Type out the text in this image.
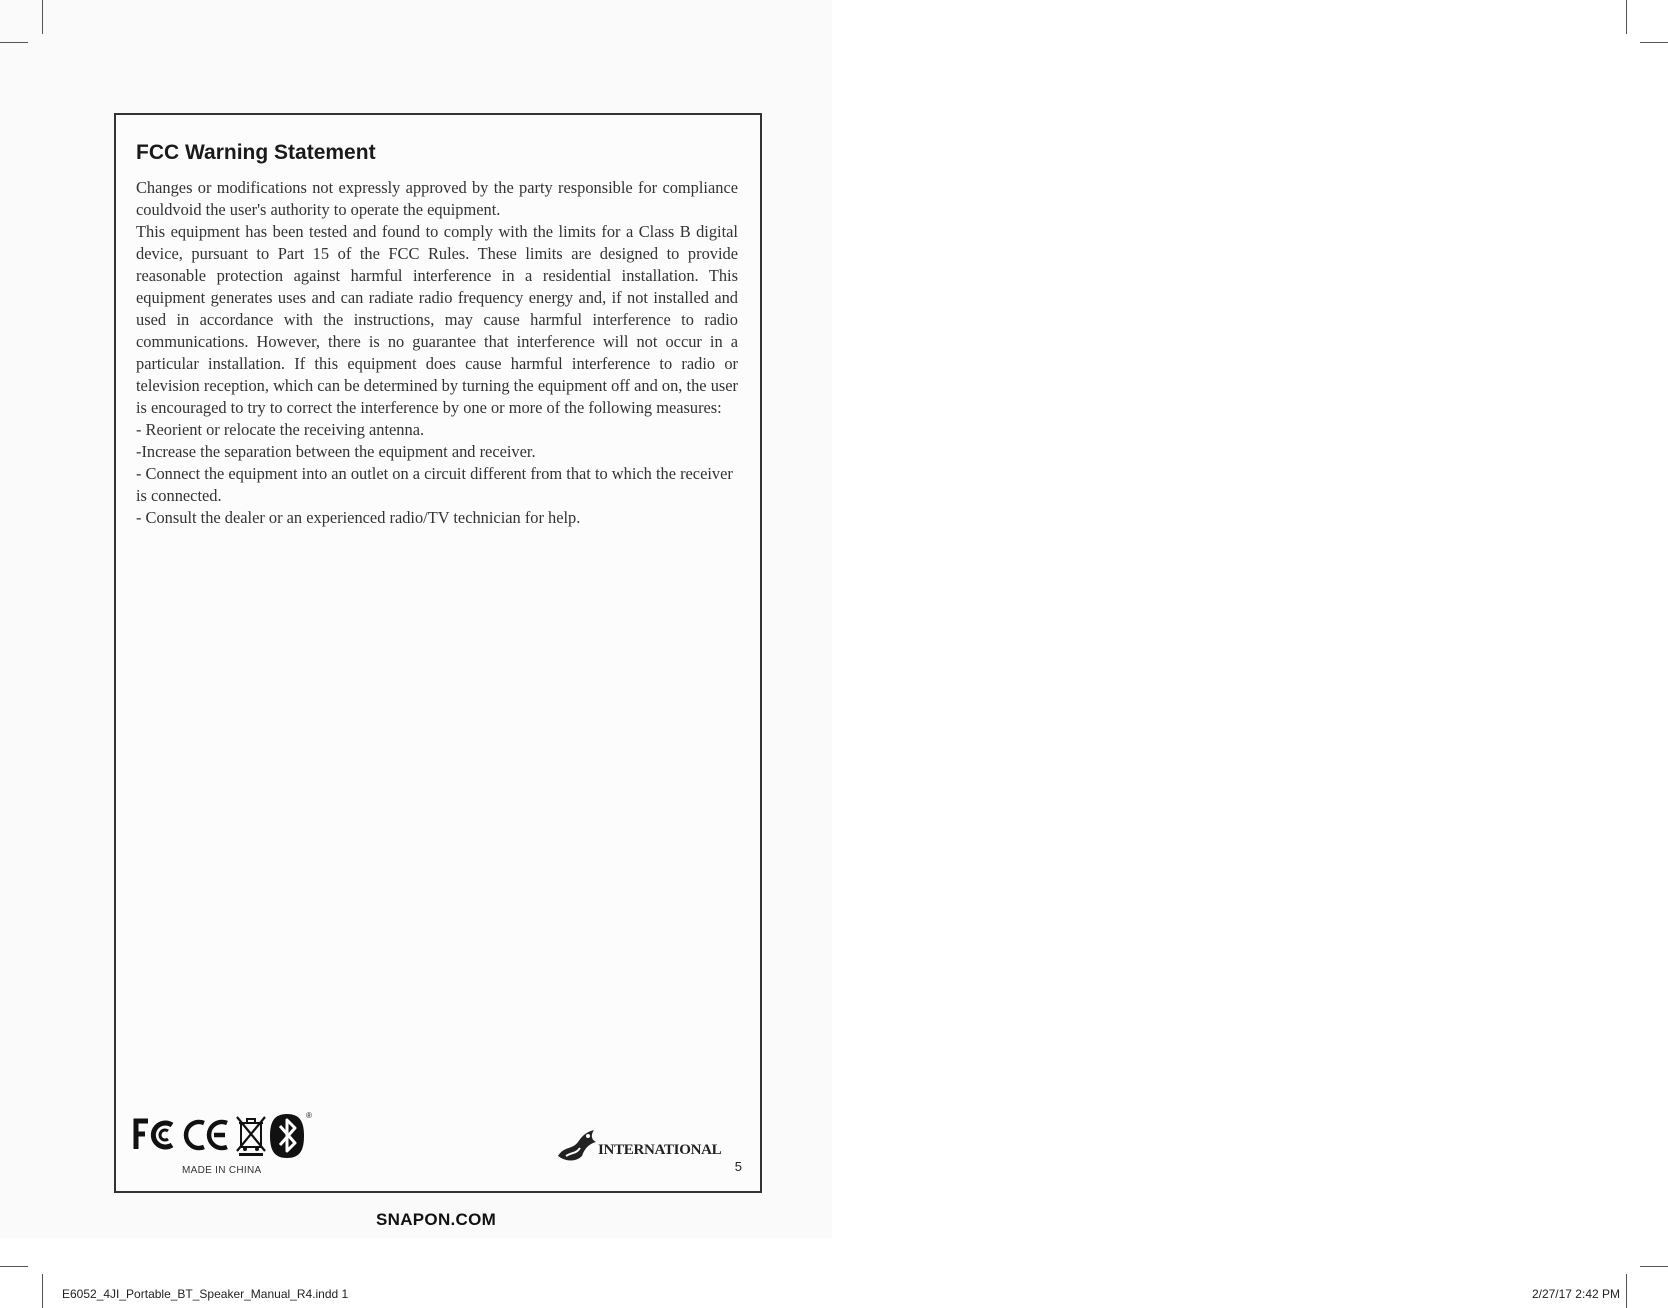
FCC Warning Statement

Changes or modifications not expressly approved by the party responsible for compliance couldvoid the user's authority to operate the equipment.

This equipment has been tested and found to comply with the limits for a Class B digital device, pursuant to Part 15 of the FCC Rules. These limits are designed to provide reasonable protection against harmful interference in a residential installation. This equipment generates uses and can radiate radio frequency energy and, if not installed and used in accordance with the instructions, may cause harmful interference to radio communications. However, there is no guarantee that interference will not occur in a particular installation. If this equipment does cause harmful interference to radio or television reception, which can be determined by turning the equipment off and on, the user is encouraged to try to correct the interference by one or more of the following measures:

- Reorient or relocate the receiving antenna.

-Increase the separation between the equipment and receiver.

- Connect the equipment into an outlet on a circuit different from that to which the receiver is connected.

- Consult the dealer or an experienced radio/TV technician for help.

FC CE	®
MADE IN CHINA
INTERNATIONAL
5

SNAPON.COM

E6052_4JI_Portable_BT_Speaker_Manual_R4.indd 1	2/27/17 2:42 PM
